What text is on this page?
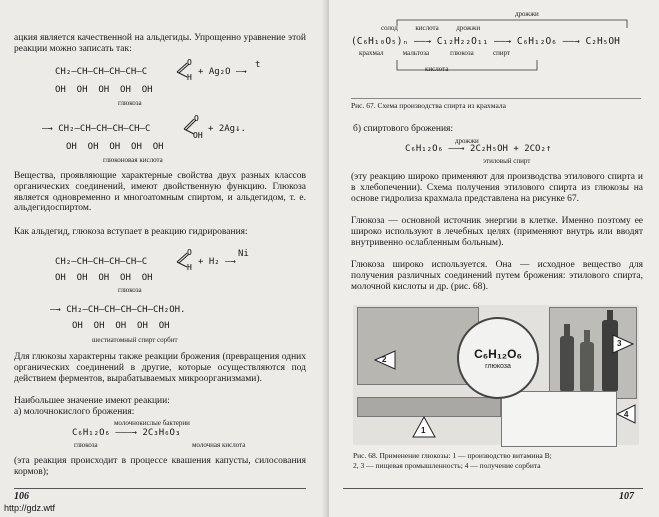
ацкия является качественной на альдегиды. Упрощенно уравнение этой реакции можно записать так:
CH₂—CH—CH—CH—CH—C
O
H
+ Ag₂O —→
t
OH  OH  OH  OH  OH
глюкоза
—→ CH₂—CH—CH—CH—CH—C
O
OH
+ 2Ag↓.
OH  OH  OH  OH  OH
глюконовая кислота
Вещества, проявляющие характерные свойства двух разных классов органических соединений, имеют двойственную функцию. Глюкоза является одновременно и многоатомным спиртом, и альдегидом, т. е. альдегидоспиртом.
Как альдегид, глюкоза вступает в реакцию гидрирования:
CH₂—CH—CH—CH—CH—C
O
H
+ H₂ —→
Ni
OH  OH  OH  OH  OH
глюкоза
—→ CH₂—CH—CH—CH—CH—CH₂OH.
OH  OH  OH  OH  OH
шестиатомный спирт сорбит
Для глюкозы характерны также реакции брожения (превращения одних органических соединений в другие, которые осуществляются под действием ферментов, вырабатываемых микроорганизмами).
Наибольшее значение имеют реакции:
а) молочнокислого брожения:
молочнокислые бактерии
C₆H₁₂O₆ ———→ 2C₃H₆O₃
глюкоза	молочная кислота
(эта реакция происходит в процессе квашения капусты, силосования кормов);
106
дрожжи
солод          кислота          дрожжи
(C₆H₁₀O₅)ₙ ——→ C₁₂H₂₂O₁₁ ——→ C₆H₁₂O₆ ——→ C₂H₅OH
крахмал           мальтоза            глюкоза           спирт
кислота
Рис. 67. Схема производства спирта из крахмала
б) спиртового брожения:
дрожжи
C₆H₁₂O₆ ——→ 2C₂H₅OH + 2CO₂↑
этиловый спирт
(эту реакцию широко применяют для производства этилового спирта и в хлебопечении). Схема получения этилового спирта из глюкозы на основе гидролиза крахмала представлена на рисунке 67.
Глюкоза — основной источник энергии в клетке. Именно поэтому ее широко используют в лечебных целях (применяют внутрь или вводят внутривенно ослабленным больным).
Глюкоза широко используется. Она — исходное вещество для получения различных соединений путем брожения: этилового спирта, молочной кислоты и др. (рис. 68).
C₆H₁₂O₆
глюкоза
2
3
1
4
Рис. 68. Применение глюкозы: 1 — производство витамина В;
2, 3 — пищевая промышленность; 4 — получение сорбита
107
http://gdz.wtf
